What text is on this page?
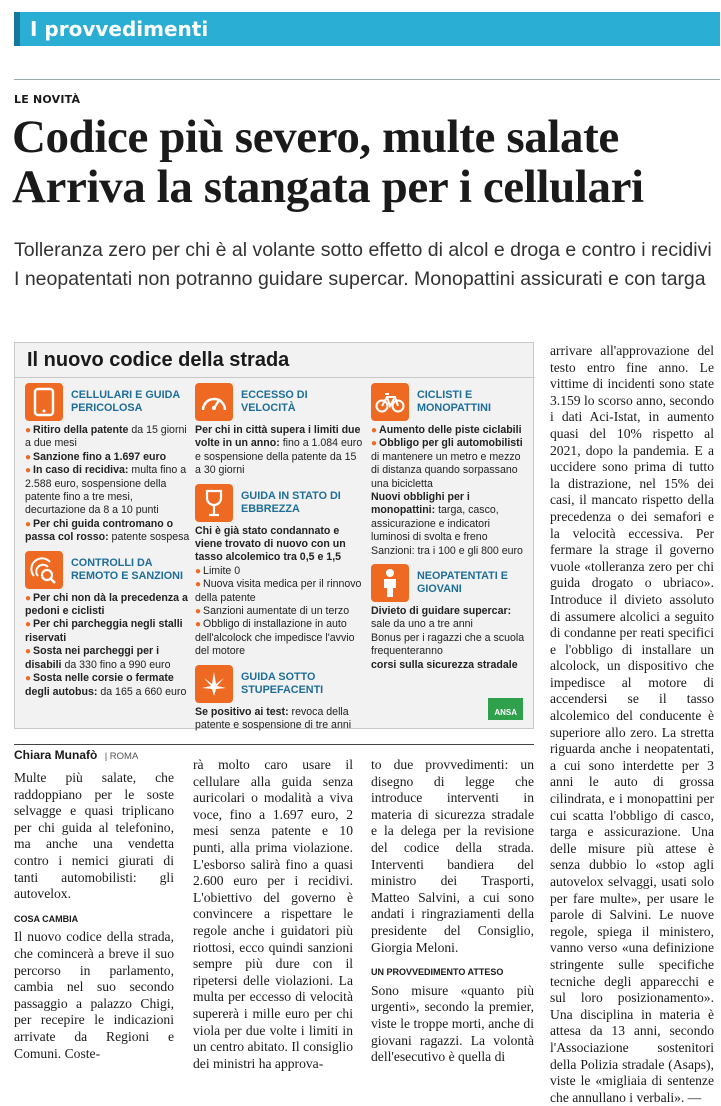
I provvedimenti
LE NOVITÀ
Codice più severo, multe salate
Arriva la stangata per i cellulari
Tolleranza zero per chi è al volante sotto effetto di alcol e droga e contro i recidivi
I neopatentati non potranno guidare supercar. Monopattini assicurati e con targa
Il nuovo codice della strada
CELLULARI E GUIDA PERICOLOSA

● Ritiro della patente da 15 giorni a due mesi

● Sanzione fino a 1.697 euro

● In caso di recidiva: multa fino a 2.588 euro, sospensione della patente fino a tre mesi, decurtazione da 8 a 10 punti

● Per chi guida contromano o passa col rosso: patente sospesa

CONTROLLI DA REMOTO E SANZIONI

● Per chi non dà la precedenza a pedoni e ciclisti

● Per chi parcheggia negli stalli riservati

● Sosta nei parcheggi per i disabili da 330 fino a 990 euro

● Sosta nelle corsie o fermate degli autobus: da 165 a 660 euro

ECCESSO DI VELOCITÀ

Per chi in città supera i limiti due volte in un anno: fino a 1.084 euro e sospensione della patente da 15 a 30 giorni

GUIDA IN STATO DI EBBREZZA

Chi è già stato condannato e viene trovato di nuovo con un tasso alcolemico tra 0,5 e 1,5

● Limite 0

● Nuova visita medica per il rinnovo della patente

● Sanzioni aumentate di un terzo

● Obbligo di installazione in auto dell'alcolock che impedisce l'avvio del motore

GUIDA SOTTO STUPEFACENTI

Se positivo ai test: revoca della patente e sospensione di tre anni

CICLISTI E MONOPATTINI

● Aumento delle piste ciclabili

● Obbligo per gli automobilisti di mantenere un metro e mezzo di distanza quando sorpassano una bicicletta

Nuovi obblighi per i monopattini: targa, casco, assicurazione e indicatori luminosi di svolta e freno

Sanzioni: tra i 100 e gli 800 euro

NEOPATENTATI E GIOVANI

Divieto di guidare supercar: sale da uno a tre anni

Bonus per i ragazzi che a scuola frequenteranno

corsi sulla sicurezza stradale

ANSA
arrivare all'approvazione del testo entro fine anno. Le vittime di incidenti sono state 3.159 lo scorso anno, secondo i dati Aci-Istat, in aumento quasi del 10% rispetto al 2021, dopo la pandemia. E a uccidere sono prima di tutto la distrazione, nel 15% dei casi, il mancato rispetto della precedenza o dei semafori e la velocità eccessiva. Per fermare la strage il governo vuole «tolleranza zero per chi guida drogato o ubriaco». Introduce il divieto assoluto di assumere alcolici a seguito di condanne per reati specifici e l'obbligo di installare un alcolock, un dispositivo che impedisce al motore di accendersi se il tasso alcolemico del conducente è superiore allo zero. La stretta riguarda anche i neopatentati, a cui sono interdette per 3 anni le auto di grossa cilindrata, e i monopattini per cui scatta l'obbligo di casco, targa e assicurazione. Una delle misure più attese è senza dubbio lo «stop agli autovelox selvaggi, usati solo per fare multe», per usare le parole di Salvini. Le nuove regole, spiega il ministero, vanno verso «una definizione stringente sulle specifiche tecniche degli apparecchi e sul loro posizionamento». Una disciplina in materia è attesa da 13 anni, secondo l'Associazione sostenitori della Polizia stradale (Asaps), viste le «migliaia di sentenze che annullano i verbali». —
Chiara Munafò | ROMA

Multe più salate, che raddoppiano per le soste selvagge e quasi triplicano per chi guida al telefonino, ma anche una vendetta contro i nemici giurati di tanti automobilisti: gli autovelox.

COSA CAMBIA

Il nuovo codice della strada, che comincerà a breve il suo percorso in parlamento, cambia nel suo secondo passaggio a palazzo Chigi, per recepire le indicazioni arrivate da Regioni e Comuni. Coste-

rà molto caro usare il cellulare alla guida senza auricolari o modalità a viva voce, fino a 1.697 euro, 2 mesi senza patente e 10 punti, alla prima violazione. L'esborso salirà fino a quasi 2.600 euro per i recidivi. L'obiettivo del governo è convincere a rispettare le regole anche i guidatori più riottosi, ecco quindi sanzioni sempre più dure con il ripetersi delle violazioni. La multa per eccesso di velocità supererà i mille euro per chi viola per due volte i limiti in un centro abitato. Il consiglio dei ministri ha approva-

to due provvedimenti: un disegno di legge che introduce interventi in materia di sicurezza stradale e la delega per la revisione del codice della strada. Interventi bandiera del ministro dei Trasporti, Matteo Salvini, a cui sono andati i ringraziamenti della presidente del Consiglio, Giorgia Meloni.

UN PROVVEDIMENTO ATTESO

Sono misure «quanto più urgenti», secondo la premier, viste le troppe morti, anche di giovani ragazzi. La volontà dell'esecutivo è quella di
